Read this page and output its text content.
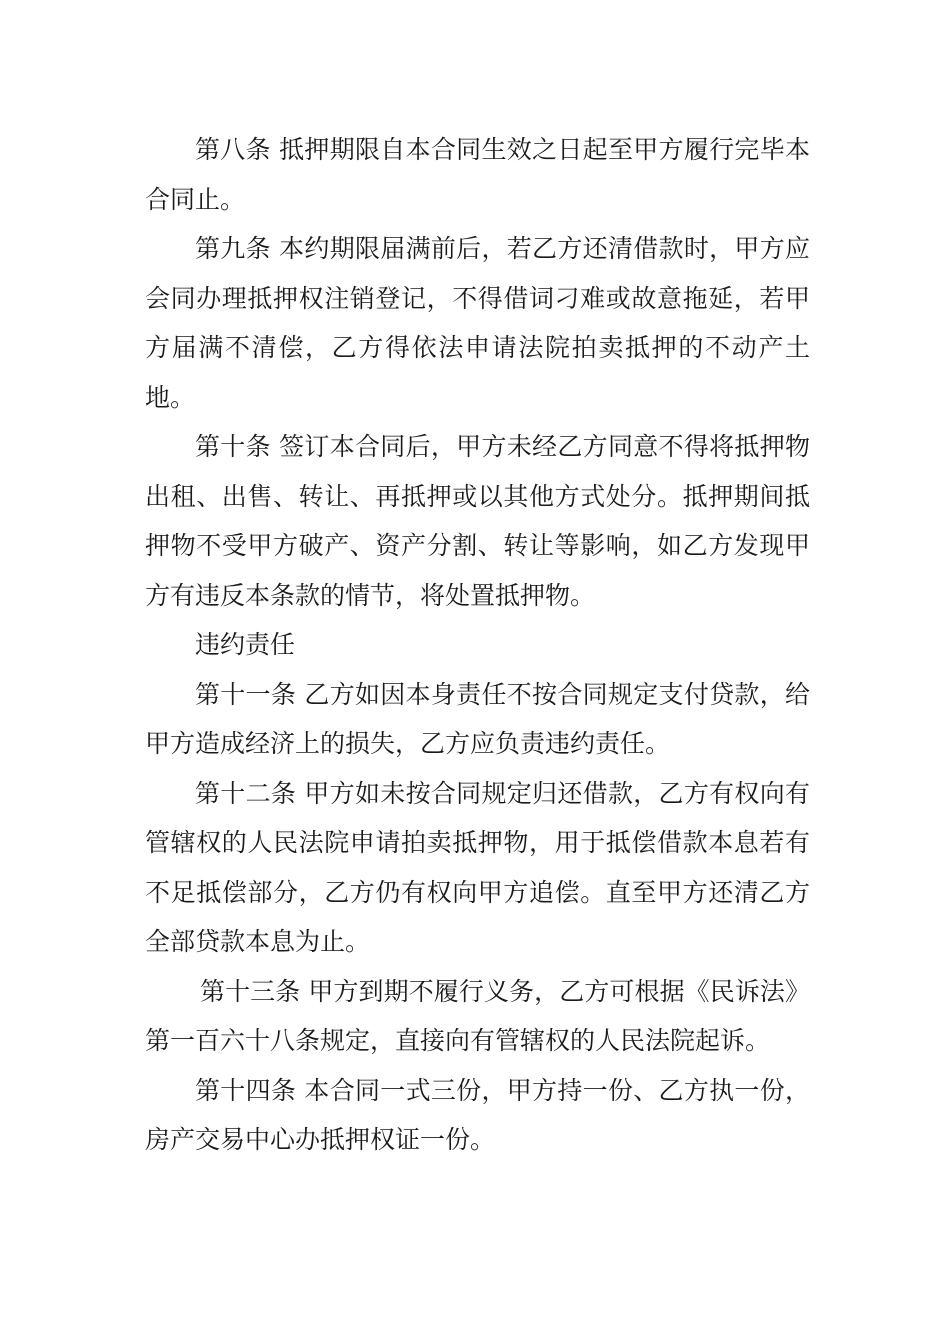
第八条 抵押期限自本合同生效之日起至甲方履行完毕本合同止。

第九条 本约期限届满前后，若乙方还清借款时，甲方应会同办理抵押权注销登记，不得借词刁难或故意拖延，若甲方届满不清偿，乙方得依法申请法院拍卖抵押的不动产土地。

第十条 签订本合同后，甲方未经乙方同意不得将抵押物出租、出售、转让、再抵押或以其他方式处分。抵押期间抵押物不受甲方破产、资产分割、转让等影响，如乙方发现甲方有违反本条款的情节，将处置抵押物。

违约责任

第十一条 乙方如因本身责任不按合同规定支付贷款，给甲方造成经济上的损失，乙方应负责违约责任。

第十二条 甲方如未按合同规定归还借款，乙方有权向有管辖权的人民法院申请拍卖抵押物，用于抵偿借款本息若有不足抵偿部分，乙方仍有权向甲方追偿。直至甲方还清乙方全部贷款本息为止。

第十三条 甲方到期不履行义务，乙方可根据《民诉法》第一百六十八条规定，直接向有管辖权的人民法院起诉。

第十四条 本合同一式三份，甲方持一份、乙方执一份，房产交易中心办抵押权证一份。
